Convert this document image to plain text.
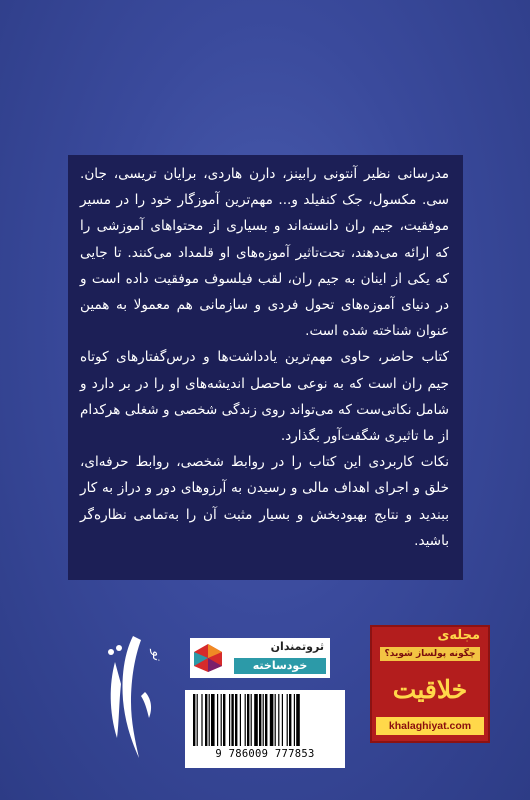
مدرسانی نظیر آنتونی رابینز، دارن هاردی، برایان تریسی، جان. سی. مکسول، جک کنفیلد و... مهم‌ترین آموزگار خود را در مسیر موفقیت، جیم ران دانسته‌اند و بسیاری از محتواهای آموزشی را که ارائه می‌دهند، تحت‌تاثیر آموزه‌های او قلمداد می‌کنند. تا جایی که یکی از اینان به جیم ران، لقب فیلسوف موفقیت داده است و در دنیای آموزه‌های تحول فردی و سازمانی هم معمولا به همین عنوان شناخته شده است.

کتاب حاضر، حاوی مهم‌ترین یادداشت‌ها و درس‌گفتارهای کوتاه جیم ران است که به نوعی ماحصل اندیشه‌های او را در بر دارد و شامل نکاتی‌ست که می‌تواند روی زندگی شخصی و شغلی هرکدام از ما تاثیری شگفت‌آور بگذارد.

نکات کاربردی این کتاب را در روابط شخصی، روابط حرفه‌ای، خلق و اجرای اهداف مالی و رسیدن به آرزوهای دور و دراز به کار ببندید و نتایج بهبودبخش و بسیار مثبت آن را به‌تمامی نظاره‌گر باشید.

نو
ثروتمندان
خودساخته
9 786009 777853
مجله‌ی
چگونه پولساز شوید؟
خلاقیت
khalaghiyat.com
